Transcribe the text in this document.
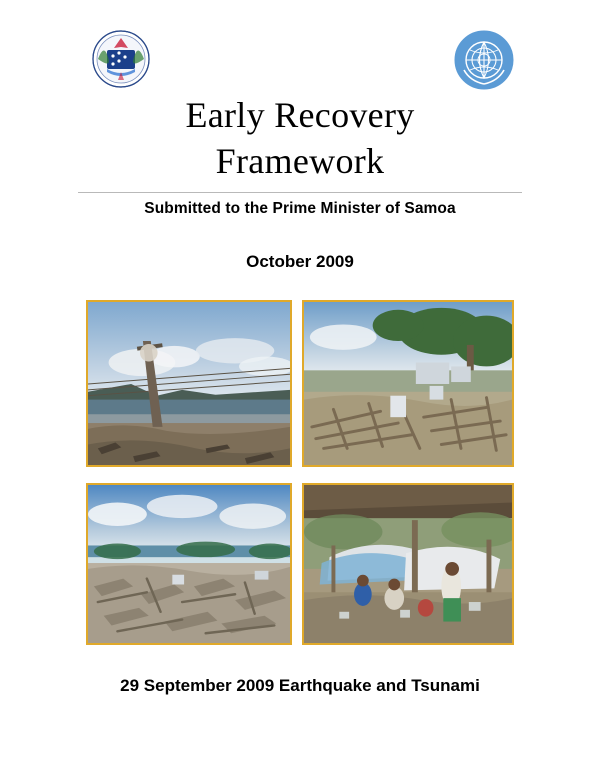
Early Recovery
Framework
Submitted to the Prime Minister of Samoa
October 2009
29 September 2009 Earthquake and Tsunami
